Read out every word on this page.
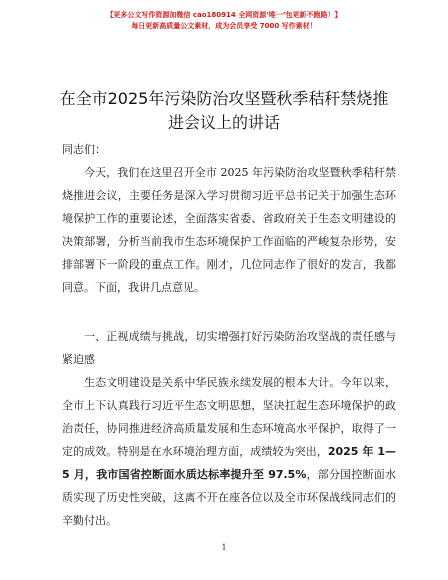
【更多公文写作资源加微信 cao180914 全网资源‘唯一’包更新不跑路！】
每日更新高质量公文素材，成为会员享受 7000 写作素材！
在全市2025年污染防治攻坚暨秋季秸秆禁烧推
进会议上的讲话

同志们：

今天，我们在这里召开全市 2025 年污染防治攻坚暨秋季秸秆禁烧推进会议，主要任务是深入学习贯彻习近平总书记关于加强生态环境保护工作的重要论述，全面落实省委、省政府关于生态文明建设的决策部署，分析当前我市生态环境保护工作面临的严峻复杂形势，安排部署下一阶段的重点工作。刚才，几位同志作了很好的发言，我都同意。下面，我讲几点意见。

一、正视成绩与挑战，切实增强打好污染防治攻坚战的责任感与紧迫感

生态文明建设是关系中华民族永续发展的根本大计。今年以来，全市上下认真践行习近平生态文明思想，坚决扛起生态环境保护的政治责任，协同推进经济高质量发展和生态环境高水平保护，取得了一定的成效。特别是在水环境治理方面，成绩较为突出，2025 年 1—5 月，我市国省控断面水质达标率提升至 97.5%，部分国控断面水质实现了历史性突破，这离不开在座各位以及全市环保战线同志们的辛勤付出。

1
